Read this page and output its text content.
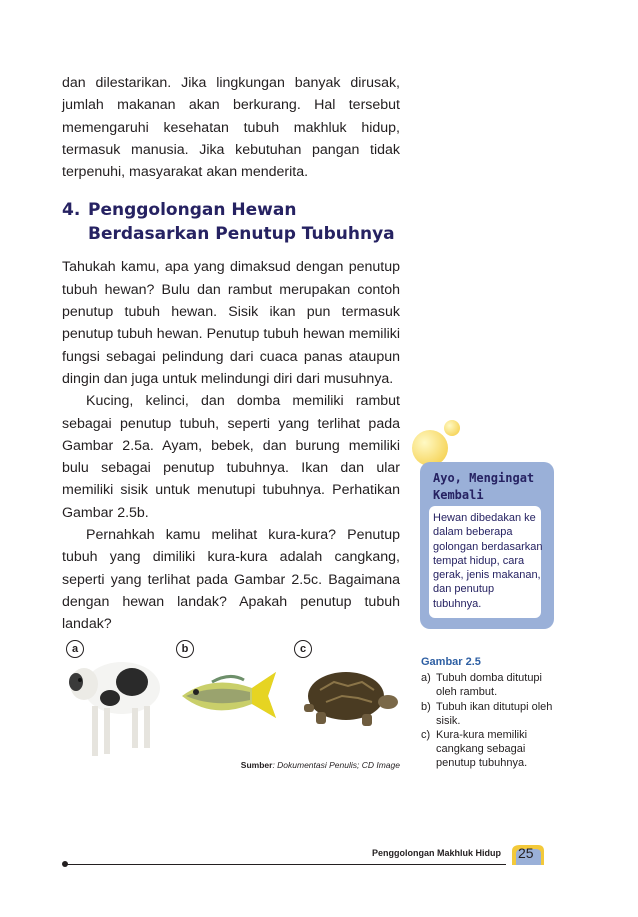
dan dilestarikan. Jika lingkungan banyak dirusak, jumlah makanan akan berkurang. Hal tersebut memengaruhi kesehatan tubuh makhluk hidup, termasuk manusia. Jika kebutuhan pangan tidak terpenuhi, masyarakat akan menderita.

4. Penggolongan Hewan Berdasarkan Penutup Tubuhnya

Tahukah kamu, apa yang dimaksud dengan penutup tubuh hewan? Bulu dan rambut merupakan contoh penutup tubuh hewan. Sisik ikan pun termasuk penutup tubuh hewan. Penutup tubuh hewan memiliki fungsi sebagai pelindung dari cuaca panas ataupun dingin dan juga untuk melindungi diri dari musuhnya.

Kucing, kelinci, dan domba memiliki rambut sebagai penutup tubuh, seperti yang terlihat pada Gambar 2.5a. Ayam, bebek, dan burung memiliki bulu sebagai penutup tubuhnya. Ikan dan ular memiliki sisik untuk menutupi tubuhnya. Perhatikan Gambar 2.5b.

Pernahkah kamu melihat kura-kura? Penutup tubuh yang dimiliki kura-kura adalah cangkang, seperti yang terlihat pada Gambar 2.5c. Bagaimana dengan hewan landak? Apakah penutup tubuh landak?

a	b	c
Sumber: Dokumentasi Penulis; CD Image
Ayo, Mengingat Kembali
Hewan dibedakan ke dalam beberapa golongan berdasarkan tempat hidup, cara gerak, jenis makanan, dan penutup tubuhnya.
Gambar 2.5
a) Tubuh domba ditutupi oleh rambut.
b) Tubuh ikan ditutupi oleh sisik.
c) Kura-kura memiliki cangkang sebagai penutup tubuhnya.
Penggolongan Makhluk Hidup 25
